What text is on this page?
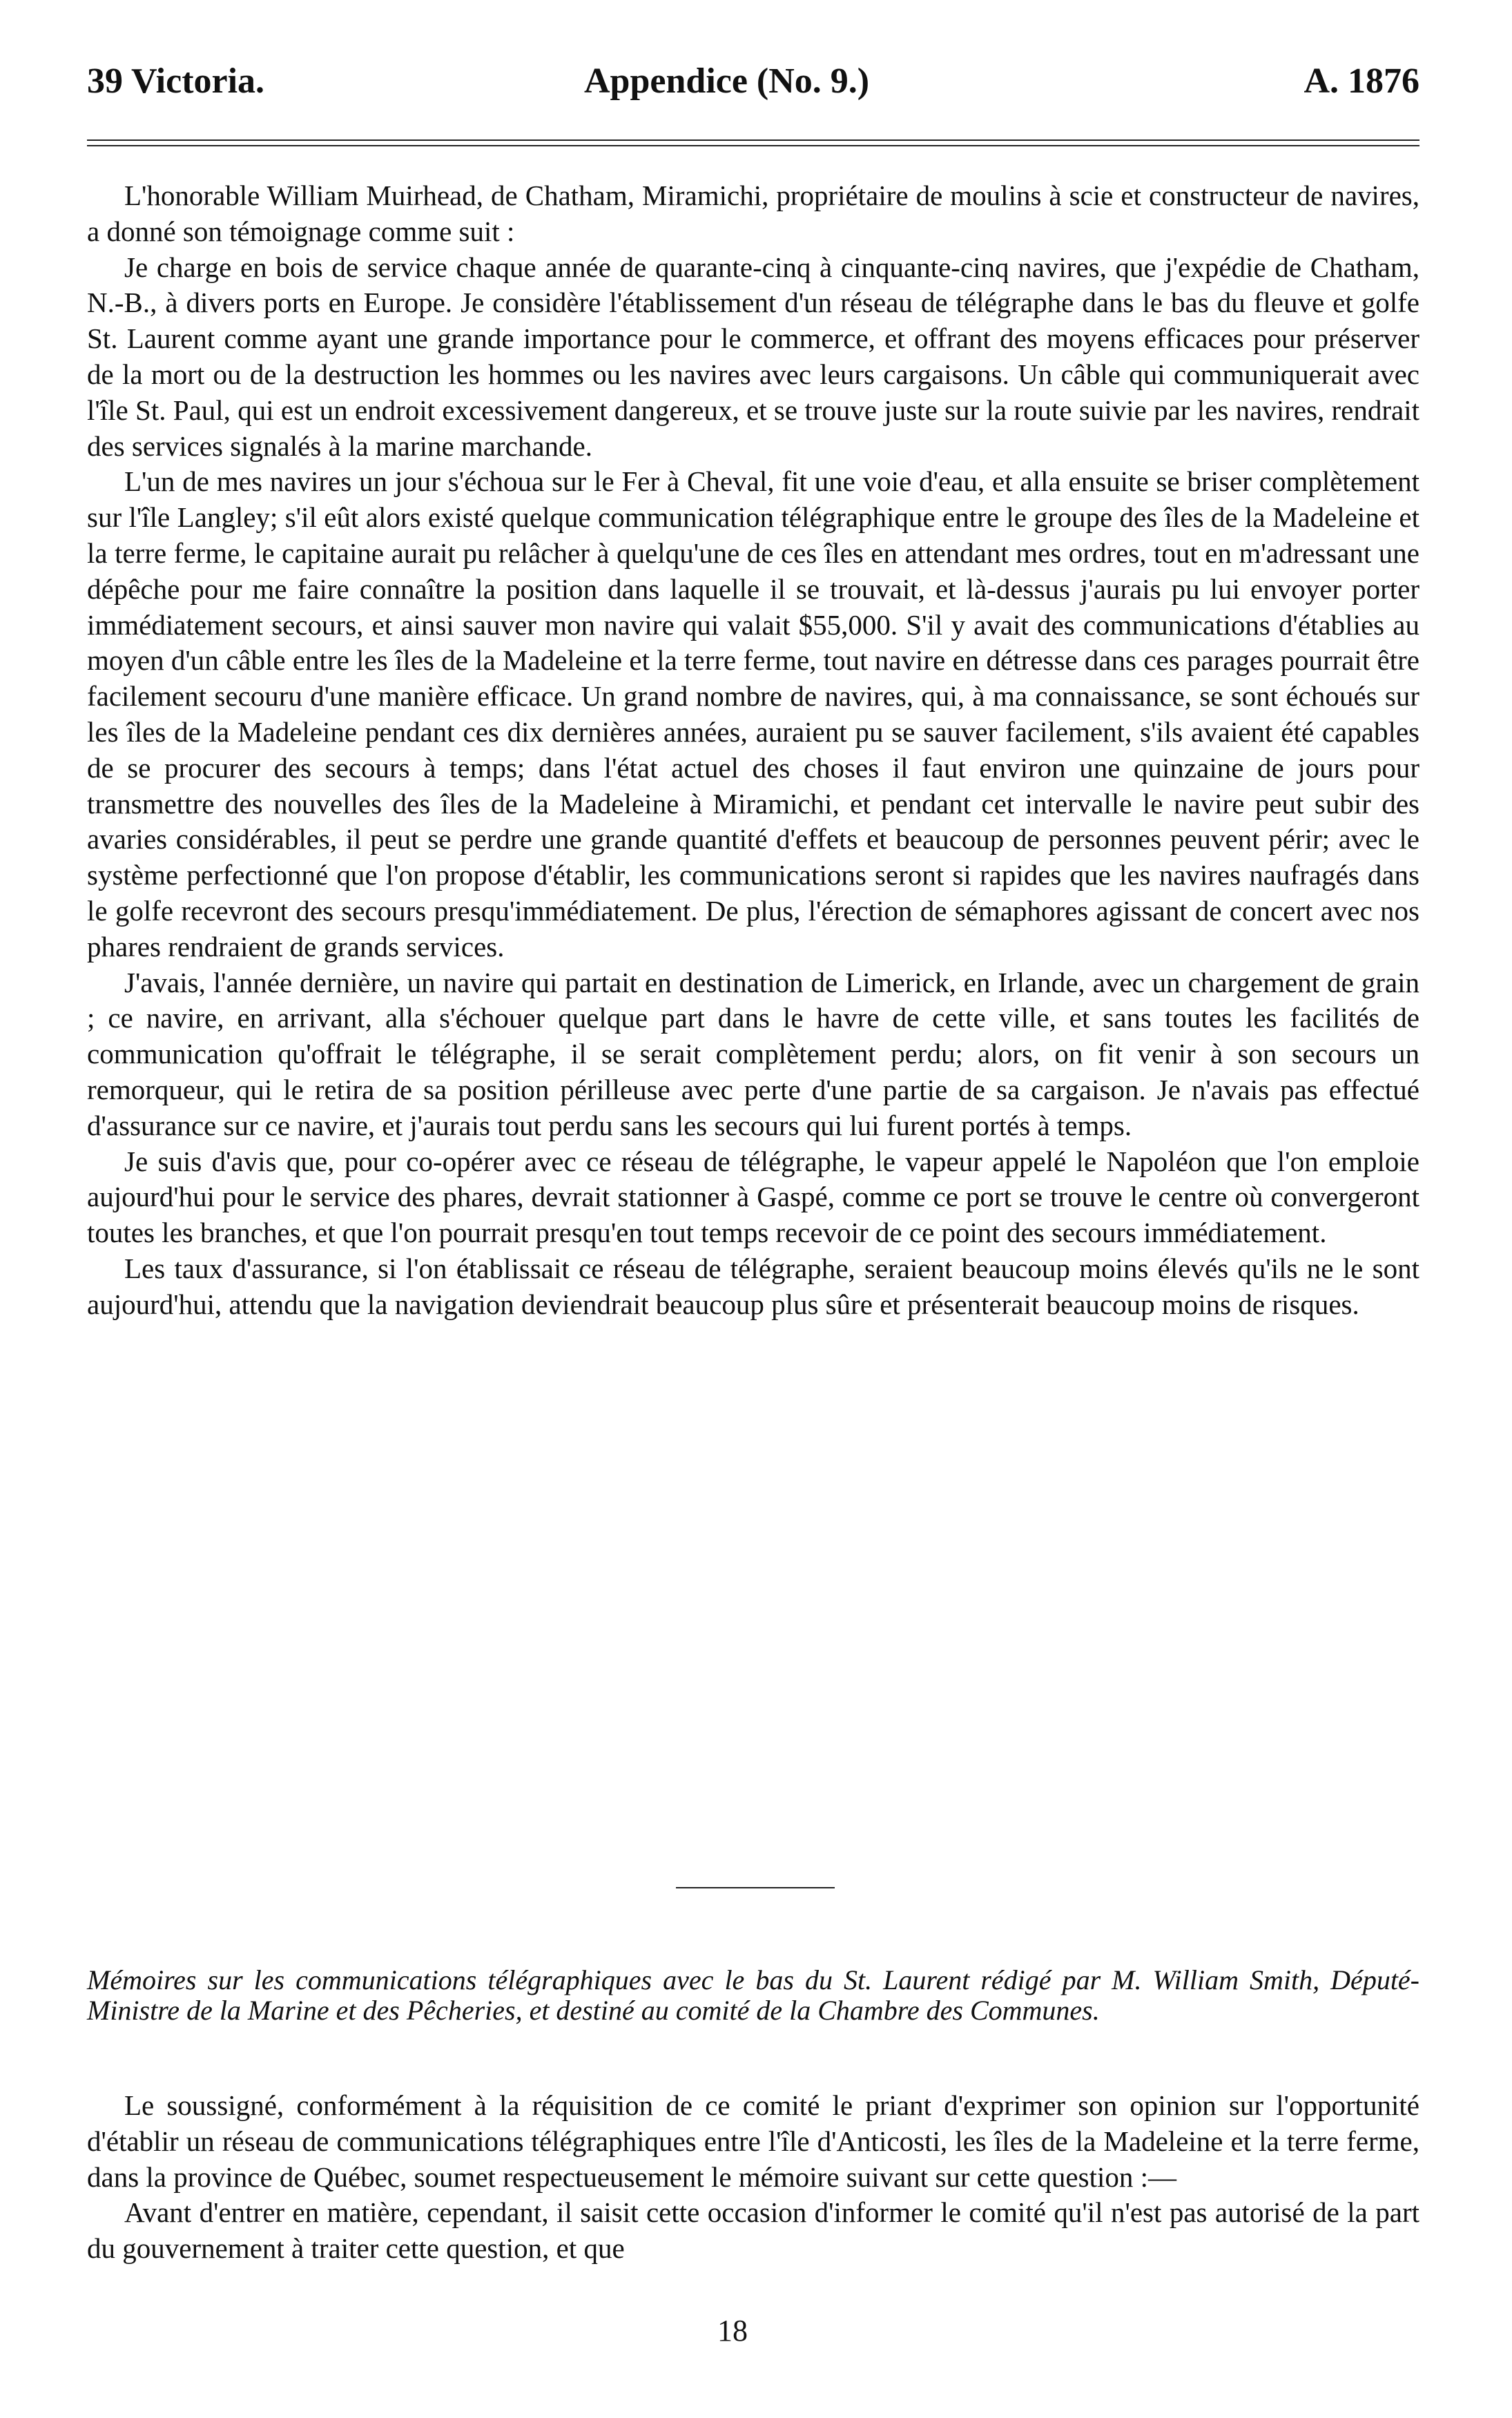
39 Victoria.	Appendice (No. 9.)	A. 1876

L'honorable William Muirhead, de Chatham, Miramichi, propriétaire de moulins à scie et constructeur de navires, a donné son témoignage comme suit :

Je charge en bois de service chaque année de quarante-cinq à cinquante-cinq navires, que j'expédie de Chatham, N.-B., à divers ports en Europe. Je considère l'établissement d'un réseau de télégraphe dans le bas du fleuve et golfe St. Laurent comme ayant une grande importance pour le commerce, et offrant des moyens efficaces pour préserver de la mort ou de la destruction les hommes ou les navires avec leurs cargaisons. Un câble qui communiquerait avec l'île St. Paul, qui est un endroit excessivement dangereux, et se trouve juste sur la route suivie par les navires, rendrait des services signalés à la marine marchande.

L'un de mes navires un jour s'échoua sur le Fer à Cheval, fit une voie d'eau, et alla ensuite se briser complètement sur l'île Langley; s'il eût alors existé quelque communication télégraphique entre le groupe des îles de la Madeleine et la terre ferme, le capitaine aurait pu relâcher à quelqu'une de ces îles en attendant mes ordres, tout en m'adressant une dépêche pour me faire connaître la position dans laquelle il se trouvait, et là-dessus j'aurais pu lui envoyer porter immédiatement secours, et ainsi sauver mon navire qui valait $55,000. S'il y avait des communications d'établies au moyen d'un câble entre les îles de la Madeleine et la terre ferme, tout navire en détresse dans ces parages pourrait être facilement secouru d'une manière efficace. Un grand nombre de navires, qui, à ma connaissance, se sont échoués sur les îles de la Madeleine pendant ces dix dernières années, auraient pu se sauver facilement, s'ils avaient été capables de se procurer des secours à temps; dans l'état actuel des choses il faut environ une quinzaine de jours pour transmettre des nouvelles des îles de la Madeleine à Miramichi, et pendant cet intervalle le navire peut subir des avaries considérables, il peut se perdre une grande quantité d'effets et beaucoup de personnes peuvent périr; avec le système perfectionné que l'on propose d'établir, les communications seront si rapides que les navires naufragés dans le golfe recevront des secours presqu'immédiatement. De plus, l'érection de sémaphores agissant de concert avec nos phares rendraient de grands services.

J'avais, l'année dernière, un navire qui partait en destination de Limerick, en Irlande, avec un chargement de grain ; ce navire, en arrivant, alla s'échouer quelque part dans le havre de cette ville, et sans toutes les facilités de communication qu'offrait le télégraphe, il se serait complètement perdu; alors, on fit venir à son secours un remorqueur, qui le retira de sa position périlleuse avec perte d'une partie de sa cargaison. Je n'avais pas effectué d'assurance sur ce navire, et j'aurais tout perdu sans les secours qui lui furent portés à temps.

Je suis d'avis que, pour co-opérer avec ce réseau de télégraphe, le vapeur appelé le Napoléon que l'on emploie aujourd'hui pour le service des phares, devrait stationner à Gaspé, comme ce port se trouve le centre où convergeront toutes les branches, et que l'on pourrait presqu'en tout temps recevoir de ce point des secours immédiatement.

Les taux d'assurance, si l'on établissait ce réseau de télégraphe, seraient beaucoup moins élevés qu'ils ne le sont aujourd'hui, attendu que la navigation deviendrait beaucoup plus sûre et présenterait beaucoup moins de risques.

Mémoires sur les communications télégraphiques avec le bas du St. Laurent rédigé par M. William Smith, Député-Ministre de la Marine et des Pêcheries, et destiné au comité de la Chambre des Communes.

Le soussigné, conformément à la réquisition de ce comité le priant d'exprimer son opinion sur l'opportunité d'établir un réseau de communications télégraphiques entre l'île d'Anticosti, les îles de la Madeleine et la terre ferme, dans la province de Québec, soumet respectueusement le mémoire suivant sur cette question :—

Avant d'entrer en matière, cependant, il saisit cette occasion d'informer le comité qu'il n'est pas autorisé de la part du gouvernement à traiter cette question, et que

18
